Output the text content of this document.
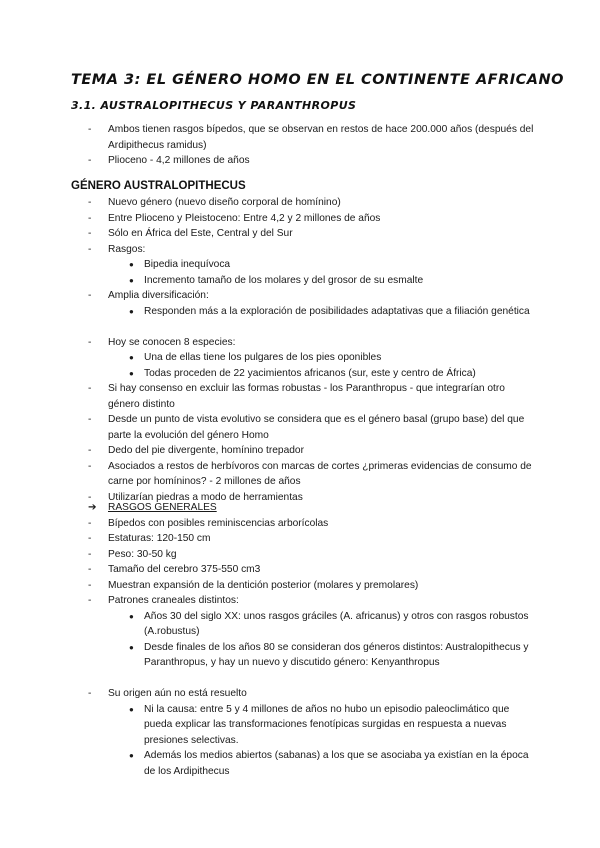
TEMA 3: EL GÉNERO HOMO EN EL CONTINENTE AFRICANO
3.1. AUSTRALOPITHECUS Y PARANTHROPUS
- Ambos tienen rasgos bípedos, que se observan en restos de hace 200.000 años (después del Ardipithecus ramidus)
- Plioceno - 4,2 millones de años
GÉNERO AUSTRALOPITHECUS
- Nuevo género (nuevo diseño corporal de homínino)
- Entre Plioceno y Pleistoceno: Entre 4,2 y 2 millones de años
- Sólo en África del Este, Central y del Sur
- Rasgos:
● Bipedia inequívoca
● Incremento tamaño de los molares y del grosor de su esmalte
- Amplia diversificación:
● Responden más a la exploración de posibilidades adaptativas que a filiación genética
- Hoy se conocen 8 especies:
● Una de ellas tiene los pulgares de los pies oponibles
● Todas proceden de 22 yacimientos africanos (sur, este y centro de África)
- Si hay consenso en excluir las formas robustas - los Paranthropus - que integrarían otro género distinto
- Desde un punto de vista evolutivo se considera que es el género basal (grupo base) del que parte la evolución del género Homo
- Dedo del pie divergente, homínino trepador
- Asociados a restos de herbívoros con marcas de cortes ¿primeras evidencias de consumo de carne por homíninos? - 2 millones de años
- Utilizarían piedras a modo de herramientas
➔ RASGOS GENERALES
- Bípedos con posibles reminiscencias arborícolas
- Estaturas: 120-150 cm
- Peso: 30-50 kg
- Tamaño del cerebro 375-550 cm3
- Muestran expansión de la dentición posterior (molares y premolares)
- Patrones craneales distintos:
● Años 30 del siglo XX: unos rasgos gráciles (A. africanus) y otros con rasgos robustos (A.robustus)
● Desde finales de los años 80 se consideran dos géneros distintos: Australopithecus y Paranthropus, y hay un nuevo y discutido género: Kenyanthropus
- Su origen aún no está resuelto
● Ni la causa: entre 5 y 4 millones de años no hubo un episodio paleoclimático que pueda explicar las transformaciones fenotípicas surgidas en respuesta a nuevas presiones selectivas.
● Además los medios abiertos (sabanas) a los que se asociaba ya existían en la época de los Ardipithecus
